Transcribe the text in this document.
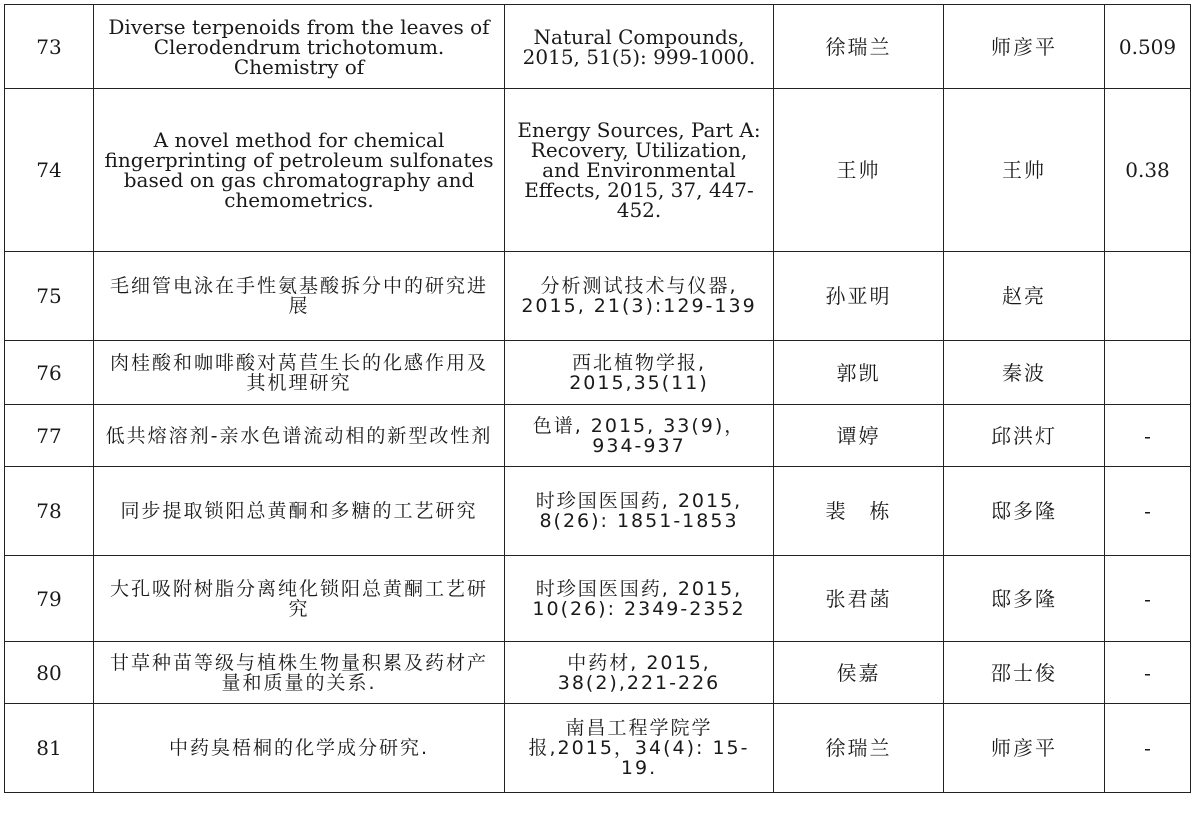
73	Diverse terpenoids from the leaves of Clerodendrum trichotomum. Chemistry of	Natural Compounds, 2015, 51(5): 999-1000.	徐瑞兰	师彦平	0.509
74	A novel method for chemical fingerprinting of petroleum sulfonates based on gas chromatography and chemometrics.	Energy Sources, Part A: Recovery, Utilization, and Environmental Effects, 2015, 37, 447-452.	王帅	王帅	0.38
75	毛细管电泳在手性氨基酸拆分中的研究进展	分析测试技术与仪器, 2015, 21(3):129-139	孙亚明	赵亮	
76	肉桂酸和咖啡酸对莴苣生长的化感作用及其机理研究	西北植物学报, 2015,35(11)	郭凯	秦波	
77	低共熔溶剂-亲水色谱流动相的新型改性剂	色谱, 2015, 33(9)，934-937	谭婷	邱洪灯	-
78	同步提取锁阳总黄酮和多糖的工艺研究	时珍国医国药, 2015, 8(26): 1851-1853	裴　栋	邸多隆	-
79	大孔吸附树脂分离纯化锁阳总黄酮工艺研究	时珍国医国药, 2015, 10(26): 2349-2352	张君菡	邸多隆	-
80	甘草种苗等级与植株生物量积累及药材产量和质量的关系.	中药材, 2015, 38(2),221-226	侯嘉	邵士俊	-
81	中药臭梧桐的化学成分研究.	南昌工程学院学报,2015，34(4): 15-19.	徐瑞兰	师彦平	-
